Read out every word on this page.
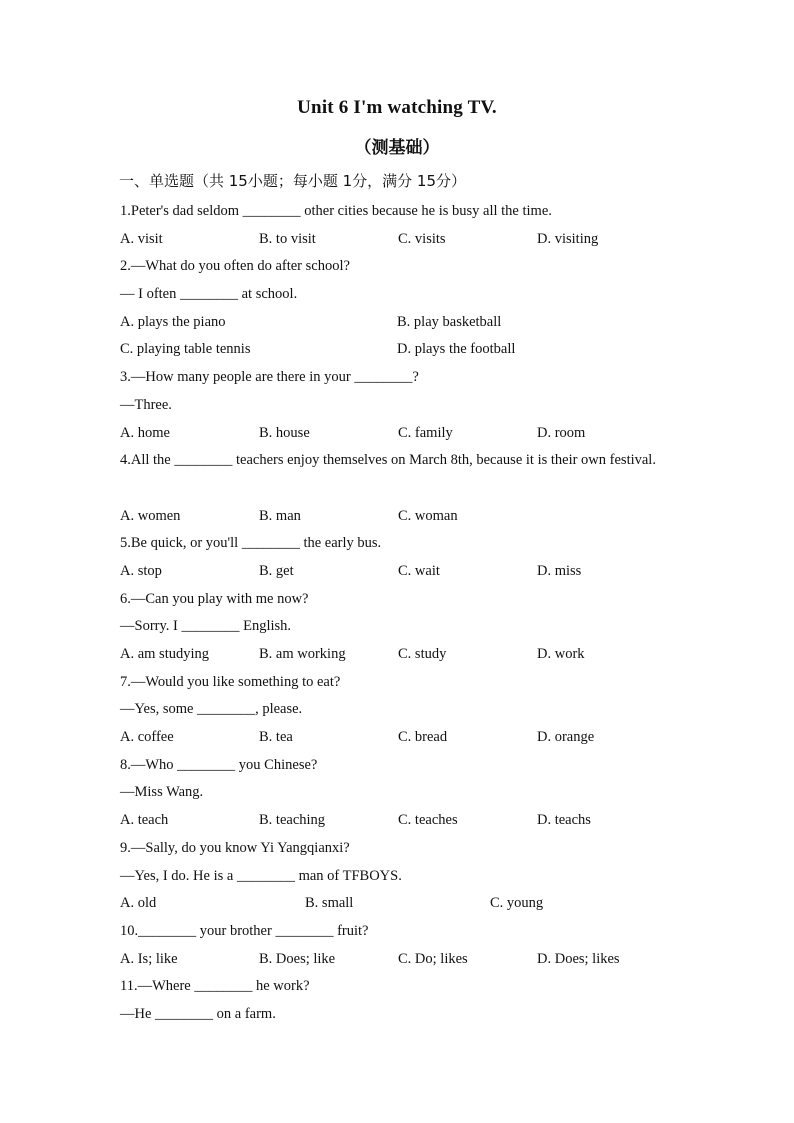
Unit 6 I'm watching TV.
（测基础）
一、单选题（共 15小题；每小题 1分，满分 15分）
1.Peter's dad seldom ________ other cities because he is busy all the time.
A. visit	B. to visit	C. visits	D. visiting
2.—What do you often do after school?
— I often ________ at school.
A. plays the piano	B. play basketball
C. playing table tennis	D. plays the football
3.—How many people are there in your ________?
—Three.
A. home	B. house	C. family	D. room
4.All the ________ teachers enjoy themselves on March 8th, because it is their own festival.
A. women	B. man	C. woman
5.Be quick, or you'll ________ the early bus.
A. stop	B. get	C. wait	D. miss
6.—Can you play with me now?
—Sorry. I ________ English.
A. am studying	B. am working	C. study	D. work
7.—Would you like something to eat?
—Yes, some ________, please.
A. coffee	B. tea	C. bread	D. orange
8.—Who ________ you Chinese?
—Miss Wang.
A. teach	B. teaching	C. teaches	D. teachs
9.—Sally, do you know Yi Yangqianxi?
—Yes, I do. He is a ________ man of TFBOYS.
A. old	B. small	C. young
10.________ your brother ________ fruit?
A. Is; like	B. Does; like	C. Do; likes	D. Does; likes
11.—Where ________ he work?
—He ________ on a farm.
